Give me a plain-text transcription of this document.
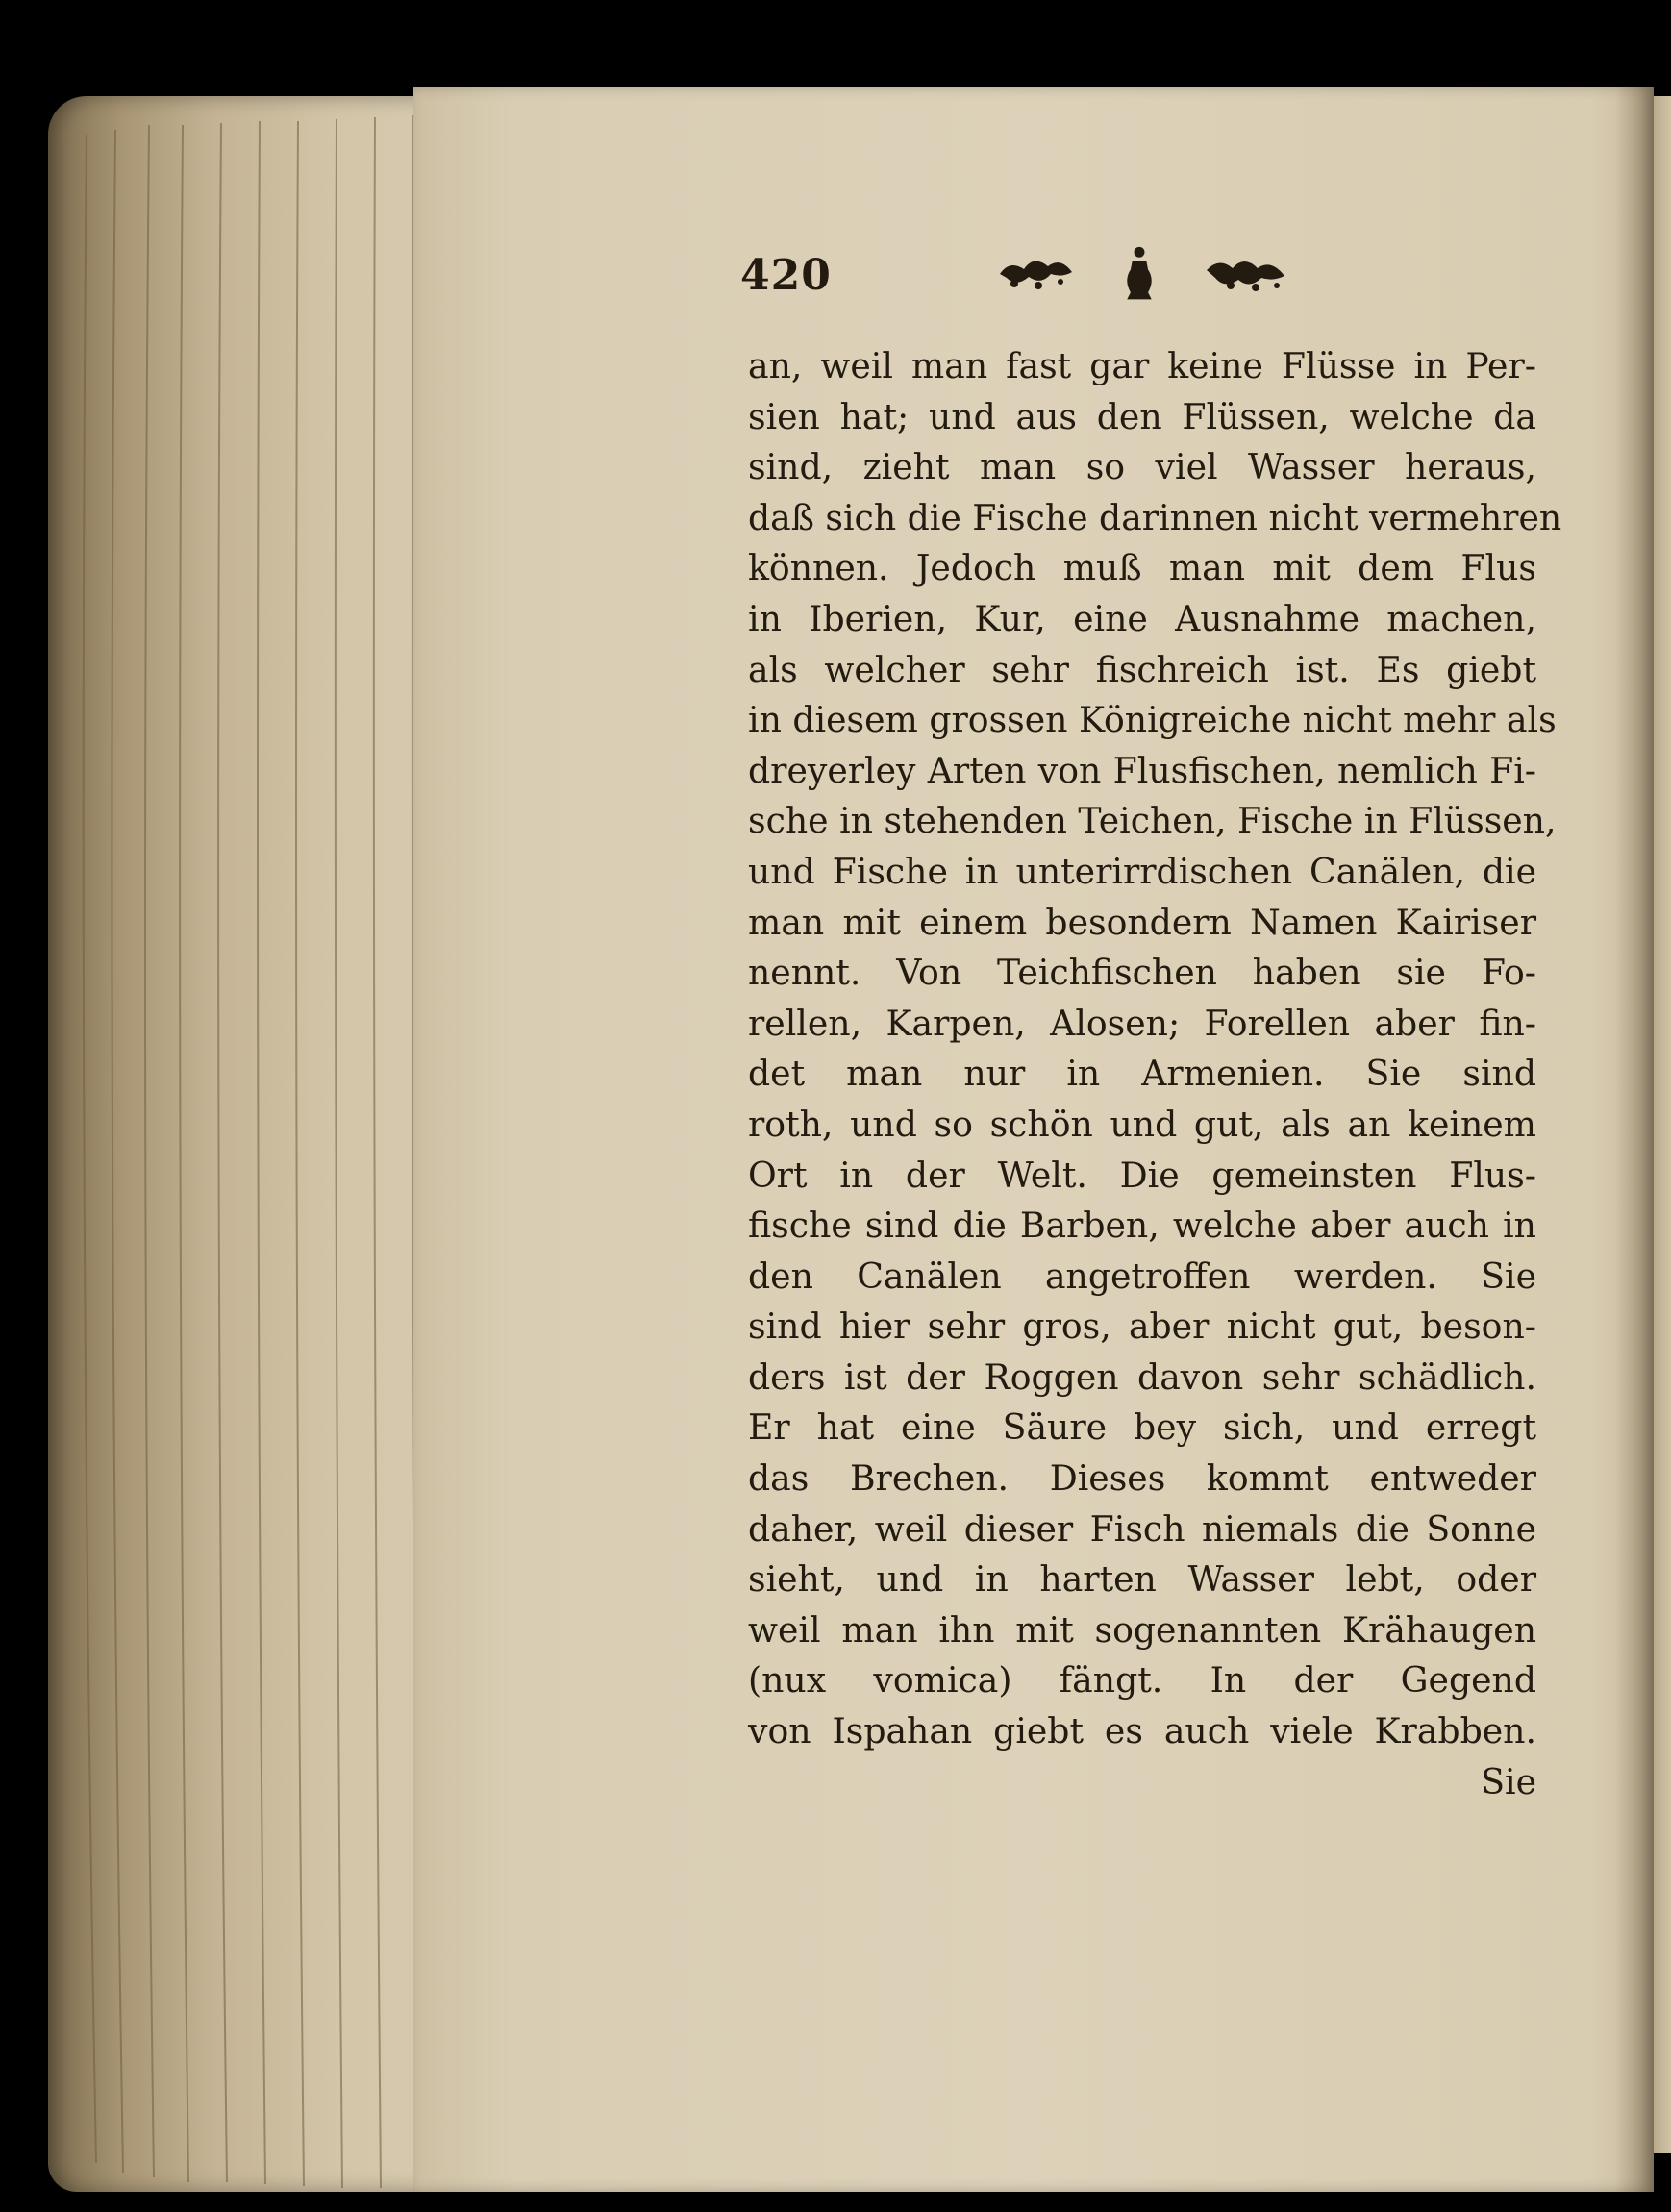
420
an, weil man fast gar keine Flüsse in Per-
sien hat; und aus den Flüssen, welche da
sind, zieht man so viel Wasser heraus,
daß sich die Fische darinnen nicht vermehren
können. Jedoch muß man mit dem Flus
in Iberien, Kur, eine Ausnahme machen,
als welcher sehr fischreich ist. Es giebt
in diesem grossen Königreiche nicht mehr als
dreyerley Arten von Flusfischen, nemlich Fi-
sche in stehenden Teichen, Fische in Flüssen,
und Fische in unterirrdischen Canälen, die
man mit einem besondern Namen Kairiser
nennt. Von Teichfischen haben sie Fo-
rellen, Karpen, Alosen; Forellen aber fin-
det man nur in Armenien. Sie sind
roth, und so schön und gut, als an keinem
Ort in der Welt. Die gemeinsten Flus-
fische sind die Barben, welche aber auch in
den Canälen angetroffen werden. Sie
sind hier sehr gros, aber nicht gut, beson-
ders ist der Roggen davon sehr schädlich.
Er hat eine Säure bey sich, und erregt
das Brechen. Dieses kommt entweder
daher, weil dieser Fisch niemals die Sonne
sieht, und in harten Wasser lebt, oder
weil man ihn mit sogenannten Krähaugen
(nux vomica) fängt. In der Gegend
von Ispahan giebt es auch viele Krabben.
Sie
